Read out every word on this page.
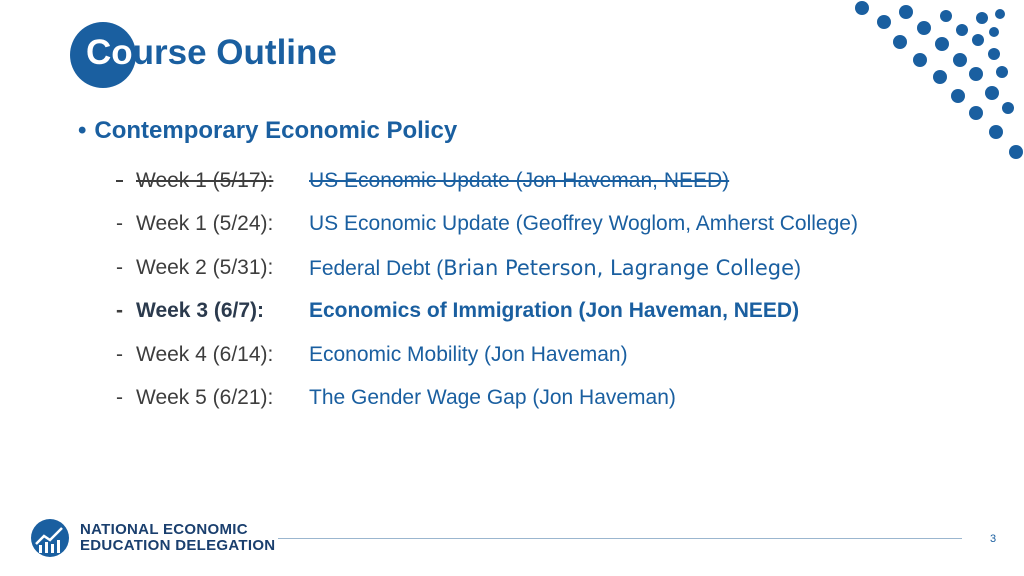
Course Outline
• Contemporary Economic Policy
- Week 1 (5/17): US Economic Update (Jon Haveman, NEED)
- Week 1 (5/24): US Economic Update (Geoffrey Woglom, Amherst College)
- Week 2 (5/31): Federal Debt (Brian Peterson, Lagrange College)
- Week 3 (6/7): Economics of Immigration (Jon Haveman, NEED)
- Week 4 (6/14): Economic Mobility (Jon Haveman)
- Week 5 (6/21): The Gender Wage Gap (Jon Haveman)
NATIONAL ECONOMIC
EDUCATION DELEGATION	3
